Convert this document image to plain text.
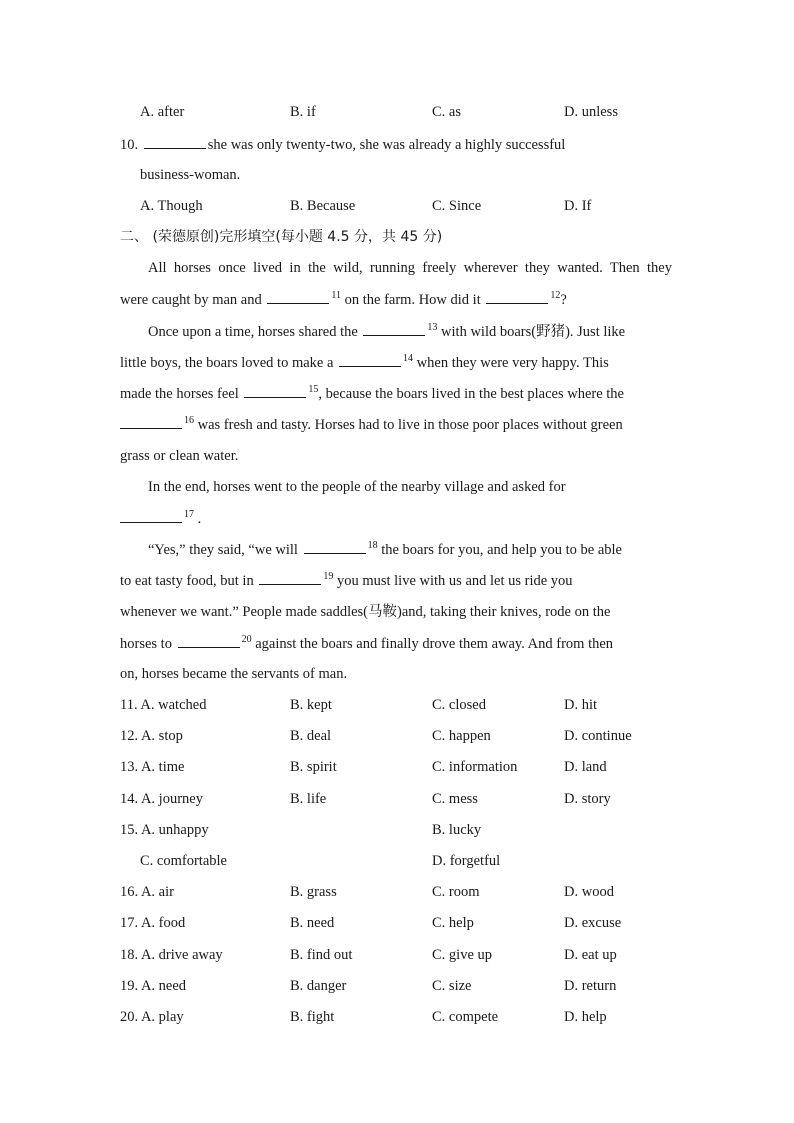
A. after	B. if	C. as	D. unless
10.	she was only twenty-two, she was already a highly successful
business-woman.
A. Though	B. Because	C. Since	D. If
二、 (荣德原创)完形填空(每小题 4.5 分，共 45 分)
All horses once lived in the wild, running freely wherever they wanted. Then they
were caught by man and	$^{11}$ on the farm. How did it	$^{12}$?
Once upon a time, horses shared the	$^{13}$ with wild boars(野猪). Just like
little boys, the boars loved to make a	$^{14}$ when they were very happy. This
made the horses feel	$^{15}$, because the boars lived in the best places where the
$^{16}$ was fresh and tasty. Horses had to live in those poor places without green
grass or clean water.
In the end, horses went to the people of the nearby village and asked for
$^{17}$ .
“Yes,” they said, “we will	$^{18}$ the boars for you, and help you to be able
to eat tasty food, but in	$^{19}$ you must live with us and let us ride you
whenever we want.” People made saddles(马鞍)and, taking their knives, rode on the
horses to	$^{20}$ against the boars and finally drove them away. And from then
on, horses became the servants of man.
11. A. watched	B. kept	C. closed	D. hit
12. A. stop	B. deal	C. happen	D. continue
13. A. time	B. spirit	C. information	D. land
14. A. journey	B. life	C. mess	D. story
15. A. unhappy	B. lucky
C. comfortable	D. forgetful
16. A. air	B. grass	C. room	D. wood
17. A. food	B. need	C. help	D. excuse
18. A. drive away	B. find out	C. give up	D. eat up
19. A. need	B. danger	C. size	D. return
20. A. play	B. fight	C. compete	D. help
